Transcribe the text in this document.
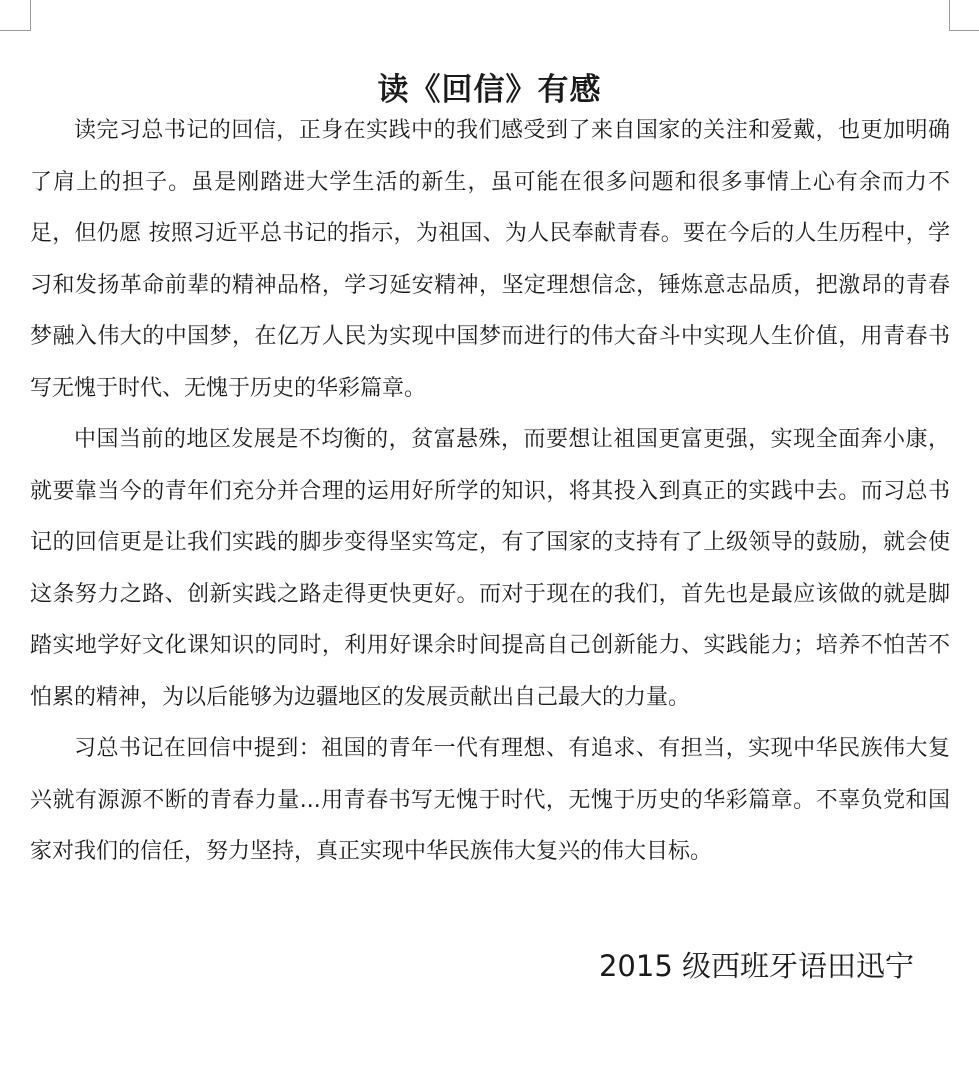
读《回信》有感

读完习总书记的回信，正身在实践中的我们感受到了来自国家的关注和爱戴，也更加明确了肩上的担子。虽是刚踏进大学生活的新生，虽可能在很多问题和很多事情上心有余而力不足，但仍愿 按照习近平总书记的指示，为祖国、为人民奉献青春。要在今后的人生历程中，学习和发扬革命前辈的精神品格，学习延安精神，坚定理想信念，锤炼意志品质，把激昂的青春梦融入伟大的中国梦，在亿万人民为实现中国梦而进行的伟大奋斗中实现人生价值，用青春书写无愧于时代、无愧于历史的华彩篇章。

中国当前的地区发展是不均衡的，贫富悬殊，而要想让祖国更富更强，实现全面奔小康，就要靠当今的青年们充分并合理的运用好所学的知识，将其投入到真正的实践中去。而习总书记的回信更是让我们实践的脚步变得坚实笃定，有了国家的支持有了上级领导的鼓励，就会使这条努力之路、创新实践之路走得更快更好。而对于现在的我们，首先也是最应该做的就是脚踏实地学好文化课知识的同时，利用好课余时间提高自己创新能力、实践能力；培养不怕苦不怕累的精神，为以后能够为边疆地区的发展贡献出自己最大的力量。

习总书记在回信中提到：祖国的青年一代有理想、有追求、有担当，实现中华民族伟大复兴就有源源不断的青春力量...用青春书写无愧于时代，无愧于历史的华彩篇章。不辜负党和国家对我们的信任，努力坚持，真正实现中华民族伟大复兴的伟大目标。

2015 级西班牙语田迅宁
